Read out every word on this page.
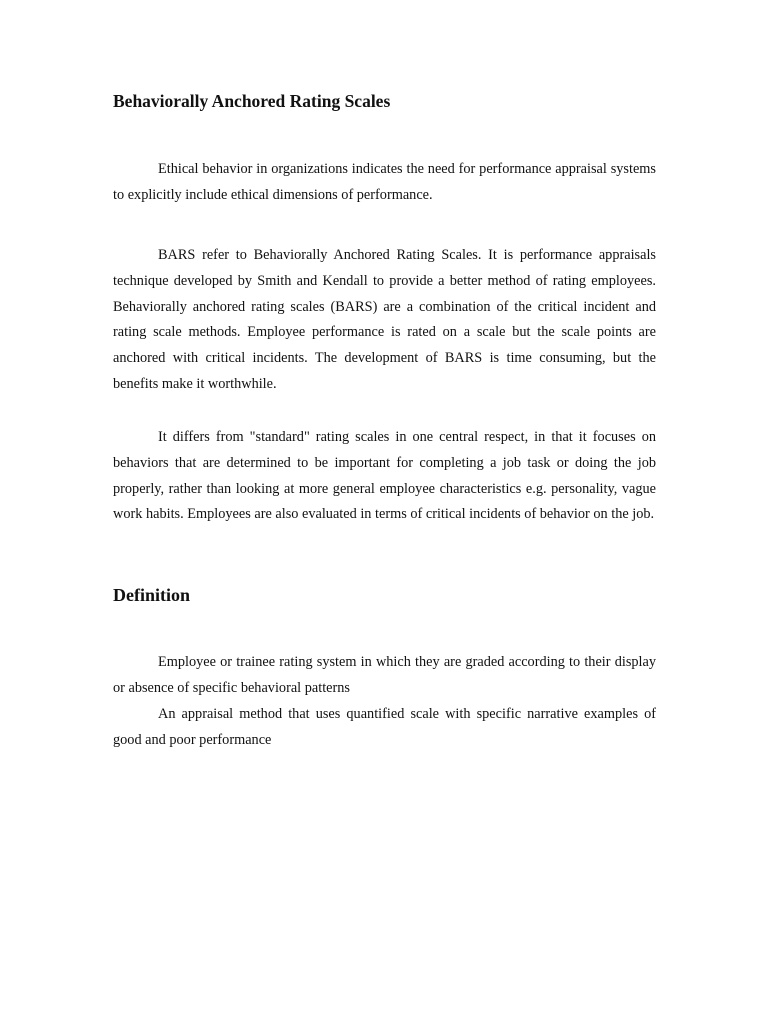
Behaviorally Anchored Rating Scales

Ethical behavior in organizations indicates the need for performance appraisal systems to explicitly include ethical dimensions of performance.

BARS refer to Behaviorally Anchored Rating Scales. It is performance appraisals technique developed by Smith and Kendall to provide a better method of rating employees. Behaviorally anchored rating scales (BARS) are a combination of the critical incident and rating scale methods. Employee performance is rated on a scale but the scale points are anchored with critical incidents. The development of BARS is time consuming, but the benefits make it worthwhile.

It differs from "standard" rating scales in one central respect, in that it focuses on behaviors that are determined to be important for completing a job task or doing the job properly, rather than looking at more general employee characteristics e.g. personality, vague work habits. Employees are also evaluated in terms of critical incidents of behavior on the job.

Definition

Employee or trainee rating system in which they are graded according to their display or absence of specific behavioral patterns

An appraisal method that uses quantified scale with specific narrative examples of good and poor performance
